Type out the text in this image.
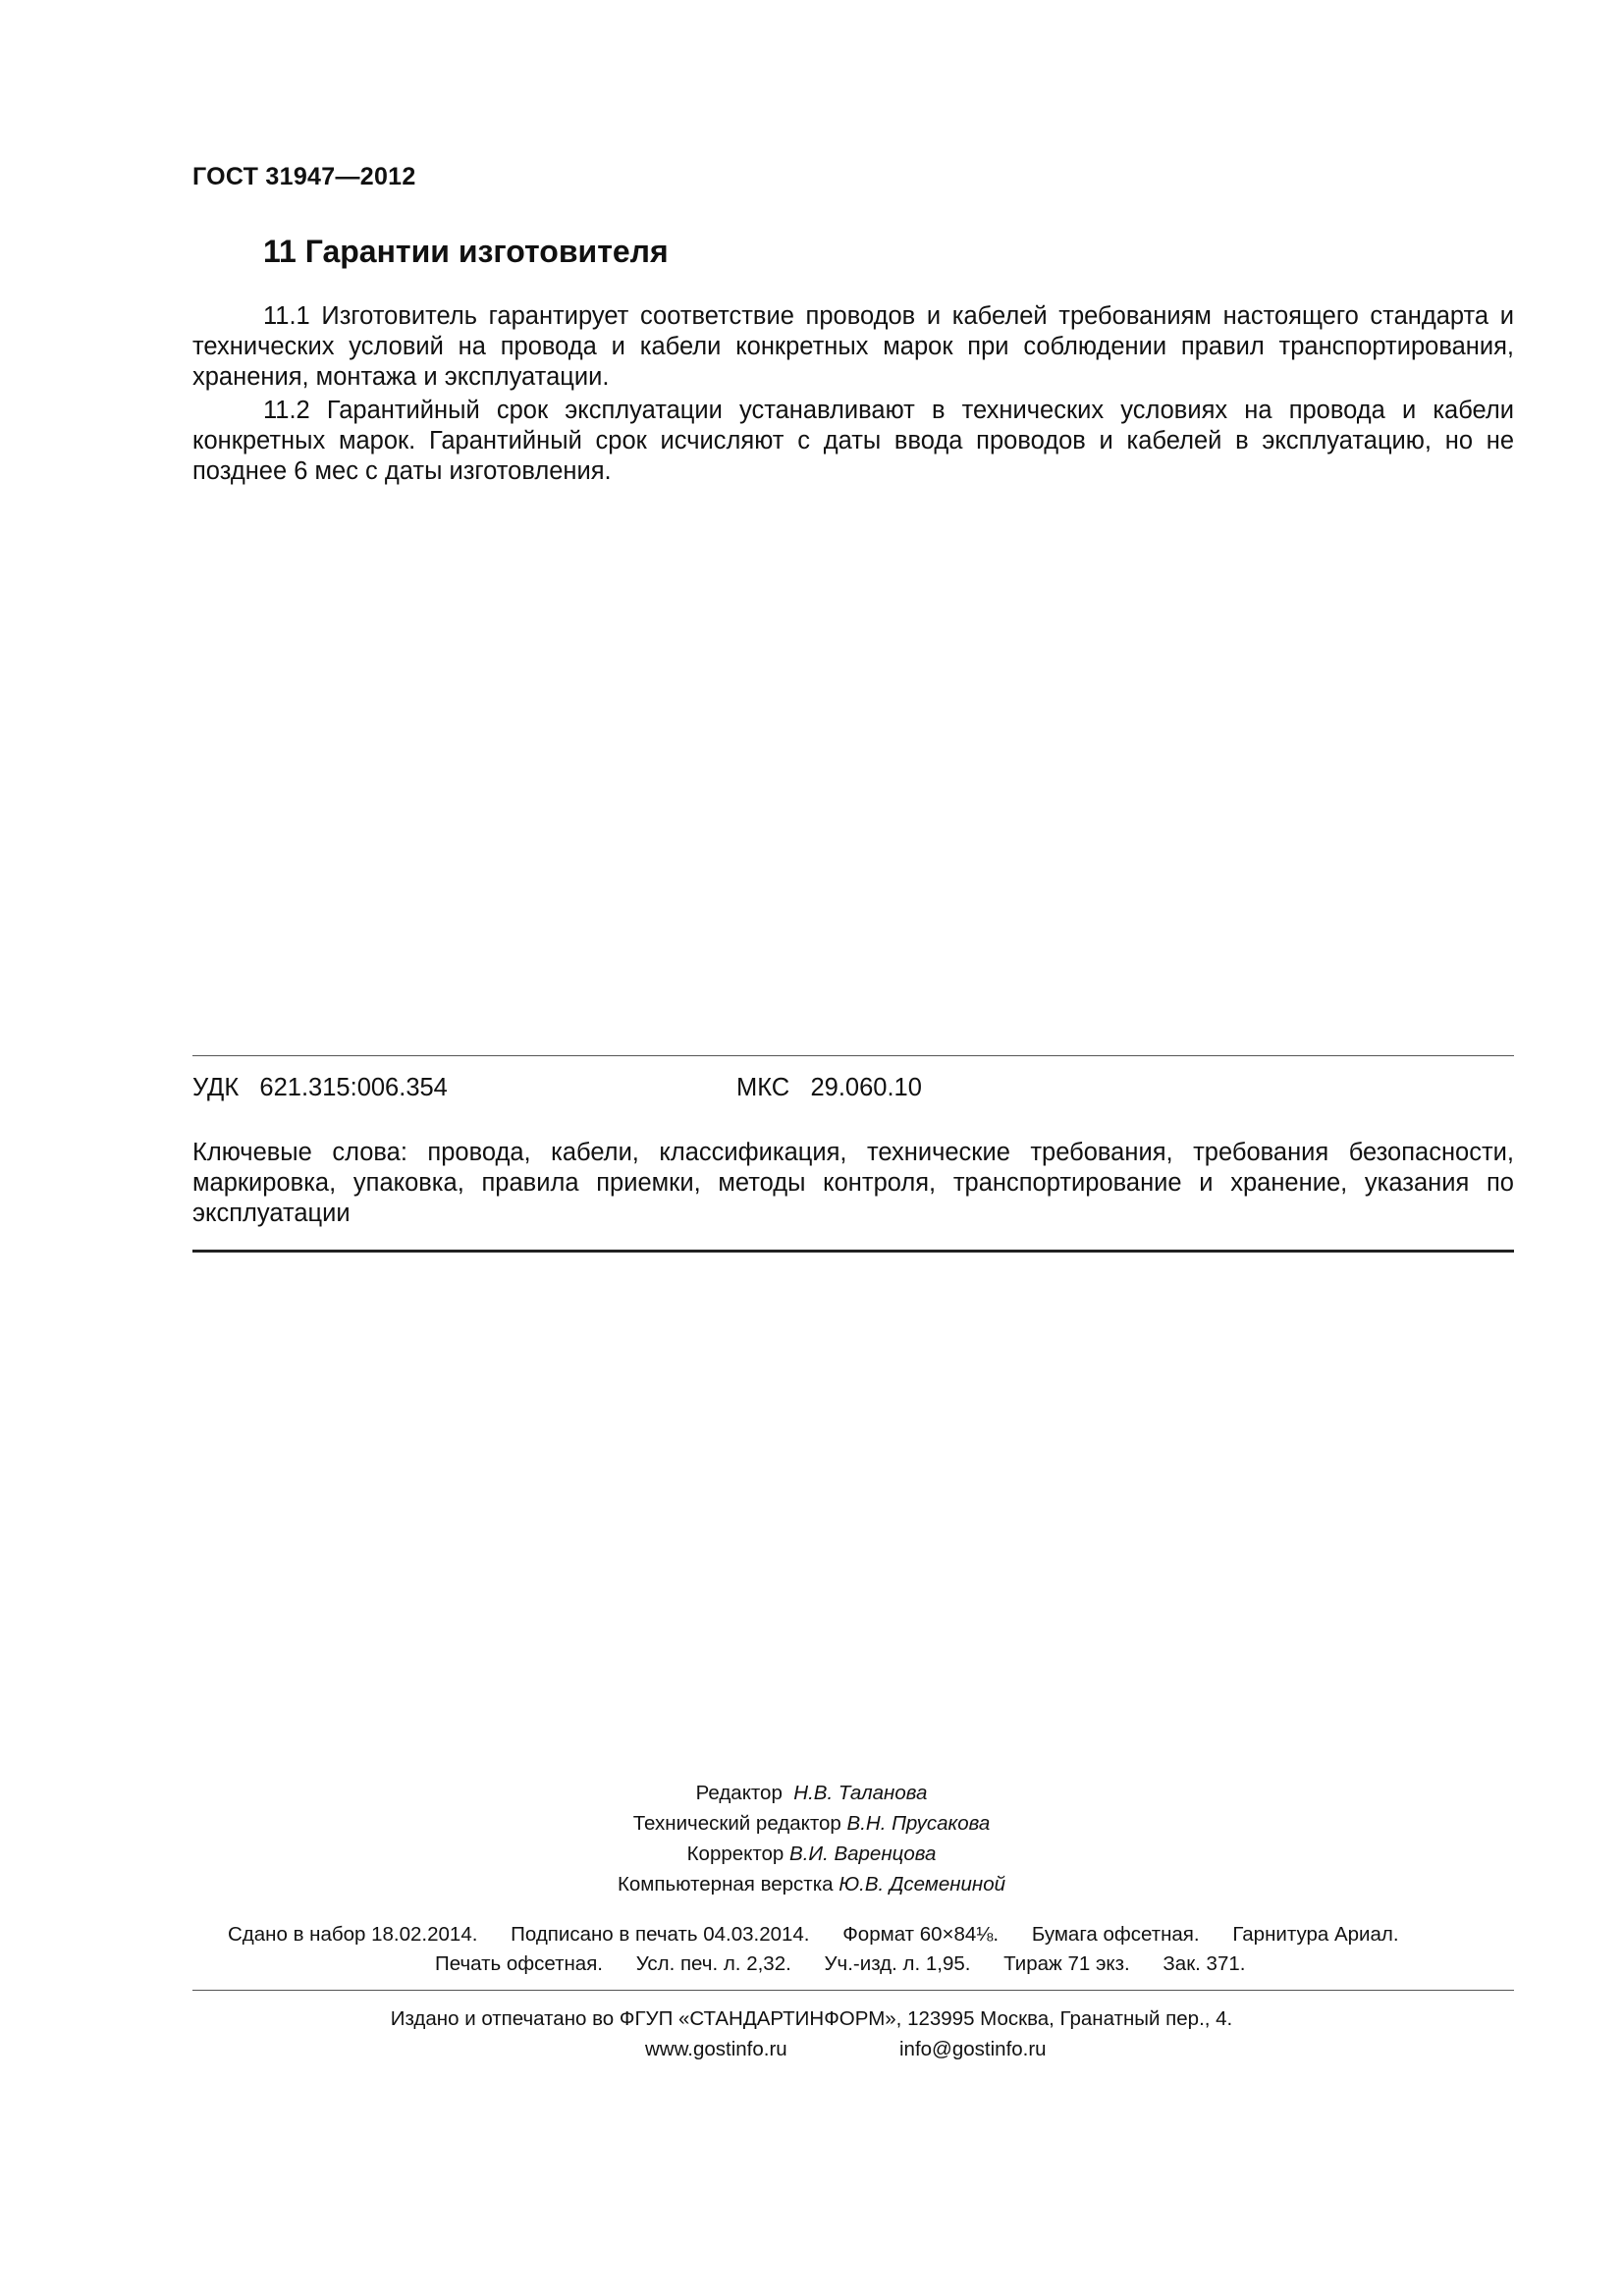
ГОСТ 31947—2012
11 Гарантии изготовителя
11.1 Изготовитель гарантирует соответствие проводов и кабелей требованиям настоящего стандарта и технических условий на провода и кабели конкретных марок при соблюдении правил транспортирования, хранения, монтажа и эксплуатации.
11.2 Гарантийный срок эксплуатации устанавливают в технических условиях на провода и кабели конкретных марок. Гарантийный срок исчисляют с даты ввода проводов и кабелей в эксплуатацию, но не позднее 6 мес с даты изготовления.
УДК   621.315:006.354	МКС   29.060.10
Ключевые слова: провода, кабели, классификация, технические требования, требования безопасности, маркировка, упаковка, правила приемки, методы контроля, транспортирование и хранение, указания по эксплуатации
Редактор Н.В. Таланова
Технический редактор В.Н. Прусакова
Корректор В.И. Варенцова
Компьютерная верстка Ю.В. Дсемениной
Сдано в набор 18.02.2014. Подписано в печать 04.03.2014. Формат 60×84⅛. Бумага офсетная. Гарнитура Ариал.
Печать офсетная. Усл. печ. л. 2,32. Уч.-изд. л. 1,95. Тираж 71 экз. Зак. 371.
Издано и отпечатано во ФГУП «СТАНДАРТИНФОРМ», 123995 Москва, Гранатный пер., 4.
www.gostinfo.ru	info@gostinfo.ru
